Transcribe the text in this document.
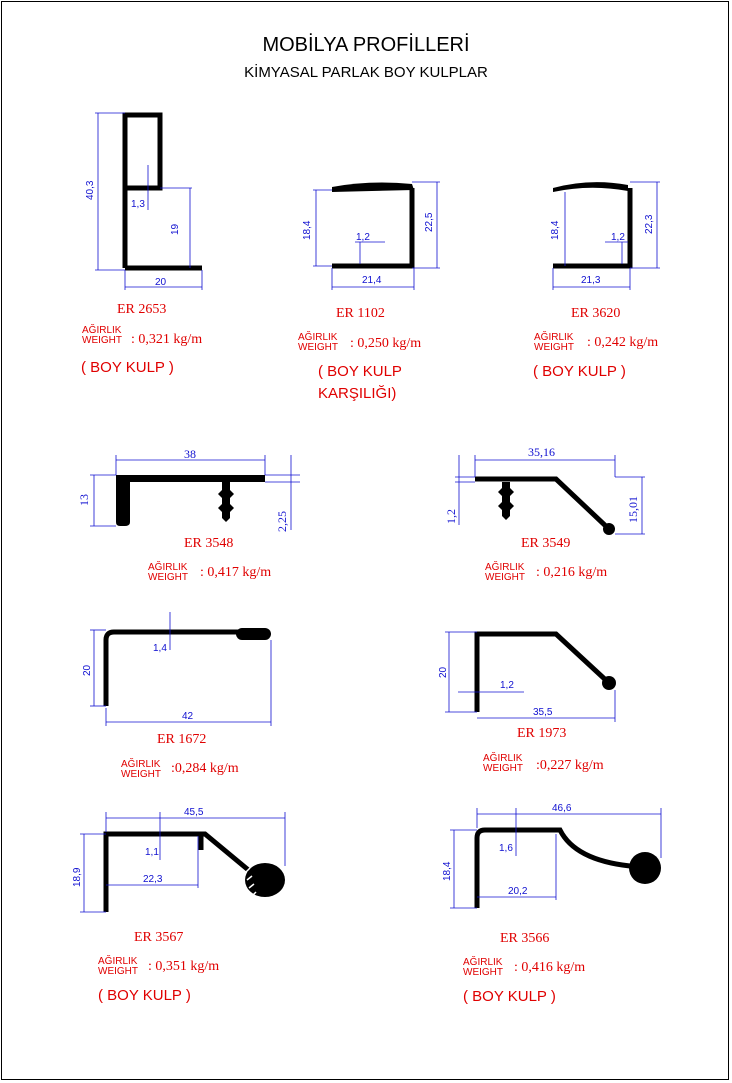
MOBİLYA PROFİLLERİ
KİMYASAL PARLAK BOY KULPLAR
40,3
1,3
19
20
18,4	22,5
1,2
21,4
18,4	22,3
1,2
21,3
38
13
2,25
35,16
1,2	15,01
20
1,4
42
20
1,2
35,5
45,5
18,9
1,1
22,3
46,6
18,4
1,6
20,2
ER 2653
AĞIRLIK
WEIGHT : 0,321 kg/m
( BOY KULP )
ER 1102
AĞIRLIK
WEIGHT : 0,250 kg/m
( BOY KULP
KARŞILIĞI)
ER 3620
AĞIRLIK
WEIGHT : 0,242 kg/m
( BOY KULP )
ER 3548
AĞIRLIK
WEIGHT : 0,417 kg/m
ER 3549
AĞIRLIK
WEIGHT : 0,216 kg/m
ER 1672
AĞIRLIK
WEIGHT :0,284 kg/m
ER 1973
AĞIRLIK
WEIGHT :0,227 kg/m
ER 3567
AĞIRLIK
WEIGHT : 0,351 kg/m
( BOY KULP )
ER 3566
AĞIRLIK
WEIGHT : 0,416 kg/m
( BOY KULP )
